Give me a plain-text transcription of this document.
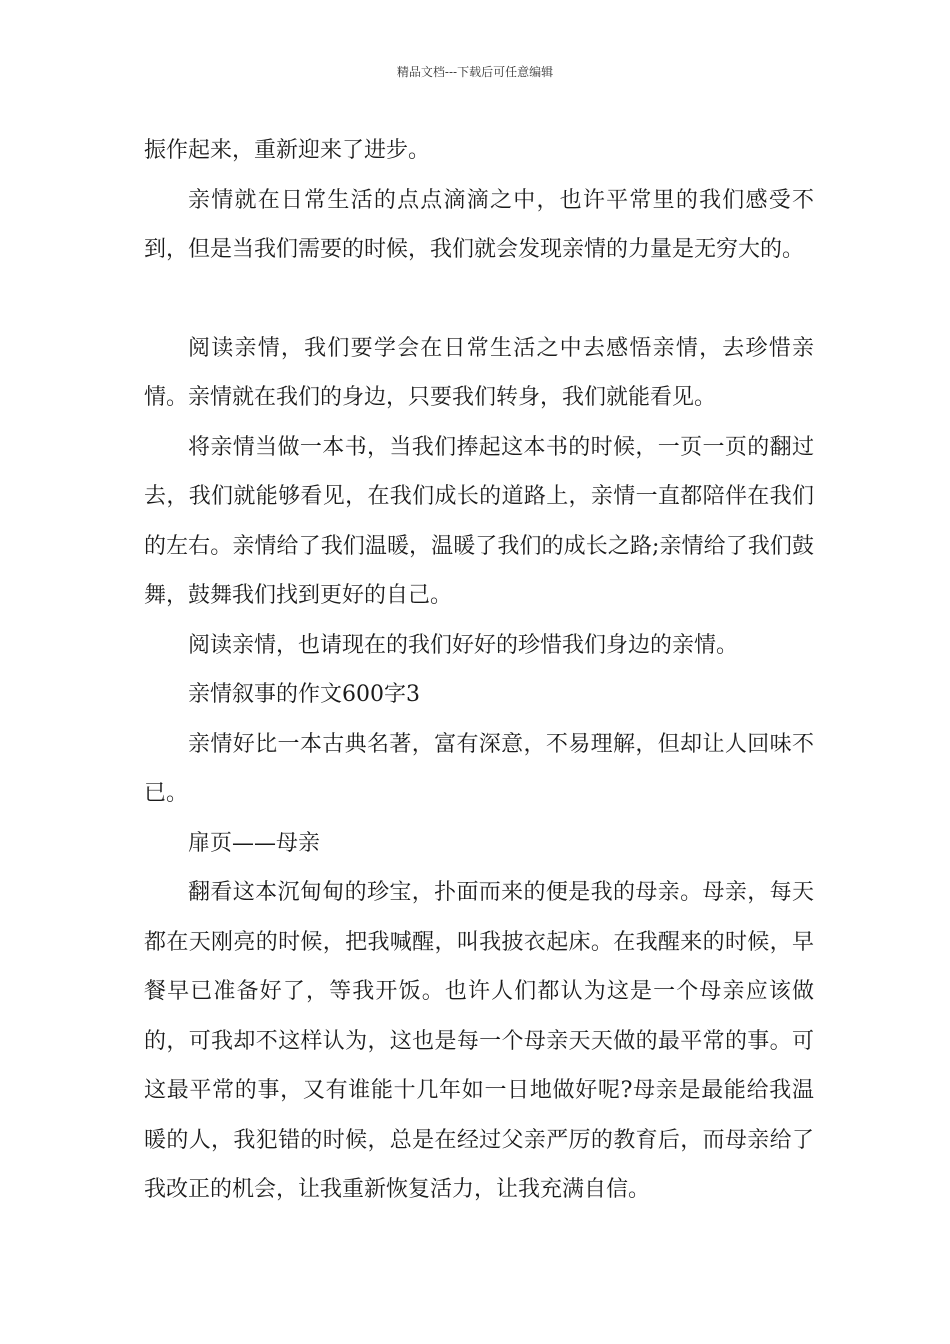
精品文档---下载后可任意编辑

振作起来，重新迎来了进步。

亲情就在日常生活的点点滴滴之中，也许平常里的我们感受不到，但是当我们需要的时候，我们就会发现亲情的力量是无穷大的。

阅读亲情，我们要学会在日常生活之中去感悟亲情，去珍惜亲情。亲情就在我们的身边，只要我们转身，我们就能看见。

将亲情当做一本书，当我们捧起这本书的时候，一页一页的翻过去，我们就能够看见，在我们成长的道路上，亲情一直都陪伴在我们的左右。亲情给了我们温暖，温暖了我们的成长之路;亲情给了我们鼓舞，鼓舞我们找到更好的自己。

阅读亲情，也请现在的我们好好的珍惜我们身边的亲情。

亲情叙事的作文600字3

亲情好比一本古典名著，富有深意，不易理解，但却让人回味不已。

扉页——母亲

翻看这本沉甸甸的珍宝，扑面而来的便是我的母亲。母亲，每天都在天刚亮的时候，把我喊醒，叫我披衣起床。在我醒来的时候，早餐早已准备好了，等我开饭。也许人们都认为这是一个母亲应该做的，可我却不这样认为，这也是每一个母亲天天做的最平常的事。可这最平常的事，又有谁能十几年如一日地做好呢?母亲是最能给我温暖的人，我犯错的时候，总是在经过父亲严厉的教育后，而母亲给了我改正的机会，让我重新恢复活力，让我充满自信。
